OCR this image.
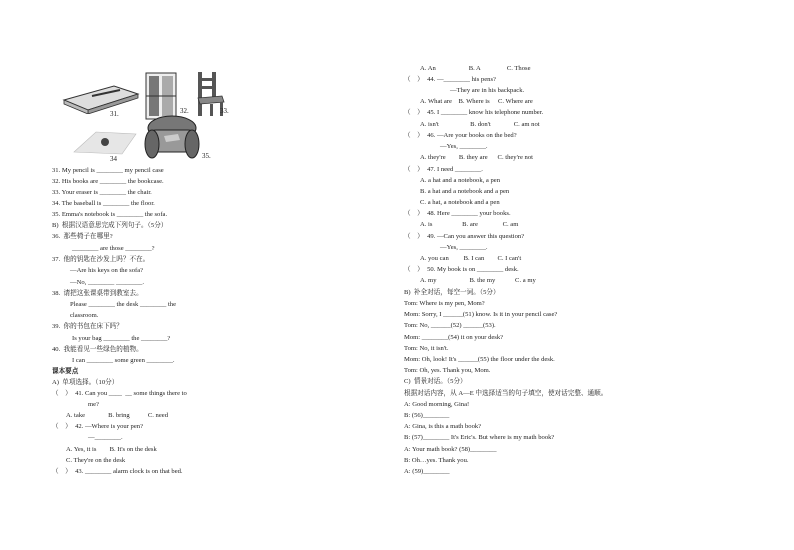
31.	32.	33.
34	35.
31. My pencil is ________ my pencil case
32. His books are ________ the bookcase.
33. Your eraser is ________ the chair.
34. The baseball is ________ the floor.
35. Emma's notebook is ________ the sofa.
B)  根据汉语意思完成下列句子。（5分）
36.  那些椅子在哪里?
________ are those ________?
37.  他的钥匙在沙发上吗？不在。
—Are his keys on the sofa?
—No, ________ ________.
38.  请把这张课桌带到教室去。
Please ________ the desk ________ the
classroom.
39.  你的书包在床下吗？
Is your bag ________ the ________?
40.  我能看见一些绿色的植物。
I can ________ some green ________.
课本要点
A)  单项选择。（10分）
（　）  41. Can you ____  __ some things there to
me?
A. take              B. bring           C. need
（　）  42. —Where is your pen?
—________.
A. Yes, it is        B. It's on the desk
C. They're on the desk
（　）  43. ________ alarm clock is on that bed.
A. An                    B. A                C. Those
（　）  44. —________ his pens?
—They are in his backpack.
A. What are    B. Where is     C. Where are
（　）  45. I ________ know his telephone number.
A. isn't                   B. don't              C. am not
（　）  46. —Are your books on the bed?
—Yes, ________.
A. they're        B. they are      C. they're not
（　）  47. I need ________.
A. a hat and a notebook, a pen
B. a hat and a notebook and a pen
C. a hat, a notebook and a pen
（　）  48. Here ________ your books.
A. is                  B. are               C. am
（　）  49. —Can you answer this question?
—Yes, ________.
A. you can         B. I can        C. I can't
（　）  50. My book is on ________ desk.
A. my                    B. the my            C. a my
B)  补全对话，每空一词。（5分）
Tom: Where is my pen, Mom?
Mom: Sorry, I ______(51) know. Is it in your pencil case?
Tom: No, ______(52) ______(53).
Mom: ________(54) it on your desk?
Tom: No, it isn't.
Mom: Oh, look! It's ______(55) the floor under the desk.
Tom: Oh, yes. Thank you, Mom.
C)  情景对话。（5分）
根据对话内容，从 A—E 中选择适当的句子填空，使对话完整、通顺。
A: Good morning, Gina!
B: (56)________
A: Gina, is this a math book?
B: (57)________ It's Eric's. But where is my math book?
A: Your math book? (58)________
B: Oh…yes. Thank you.
A: (59)________
